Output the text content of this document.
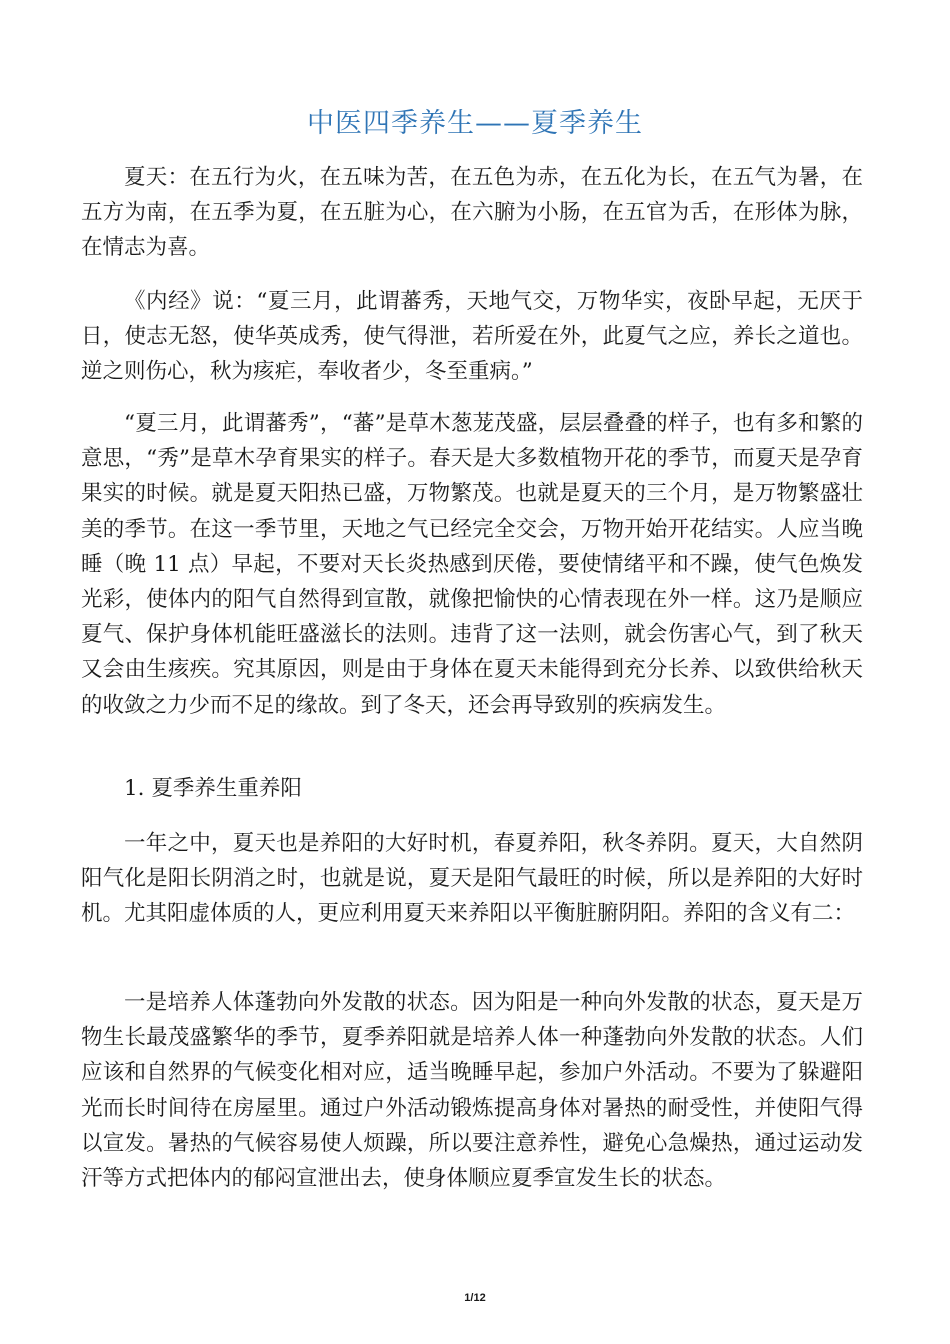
中医四季养生——夏季养生

夏天：在五行为火，在五味为苦，在五色为赤，在五化为长，在五气为暑，在五方为南，在五季为夏，在五脏为心，在六腑为小肠，在五官为舌，在形体为脉，在情志为喜。

《内经》说：“夏三月，此谓蕃秀，天地气交，万物华实，夜卧早起，无厌于日，使志无怒，使华英成秀，使气得泄，若所爱在外，此夏气之应，养长之道也。逆之则伤心，秋为痎疟，奉收者少，冬至重病。”

“夏三月，此谓蕃秀”，“蕃”是草木葱茏茂盛，层层叠叠的样子，也有多和繁的意思，“秀”是草木孕育果实的样子。春天是大多数植物开花的季节，而夏天是孕育果实的时候。就是夏天阳热已盛，万物繁茂。也就是夏天的三个月，是万物繁盛壮美的季节。在这一季节里，天地之气已经完全交会，万物开始开花结实。人应当晚睡（晚 11 点）早起，不要对天长炎热感到厌倦，要使情绪平和不躁，使气色焕发光彩，使体内的阳气自然得到宣散，就像把愉快的心情表现在外一样。这乃是顺应夏气、保护身体机能旺盛滋长的法则。违背了这一法则，就会伤害心气，到了秋天又会由生痎疾。究其原因，则是由于身体在夏天未能得到充分长养、以致供给秋天的收敛之力少而不足的缘故。到了冬天，还会再导致别的疾病发生。

1. 夏季养生重养阳

一年之中，夏天也是养阳的大好时机，春夏养阳，秋冬养阴。夏天，大自然阴阳气化是阳长阴消之时，也就是说，夏天是阳气最旺的时候，所以是养阳的大好时机。尤其阳虚体质的人，更应利用夏天来养阳以平衡脏腑阴阳。养阳的含义有二：

一是培养人体蓬勃向外发散的状态。因为阳是一种向外发散的状态，夏天是万物生长最茂盛繁华的季节，夏季养阳就是培养人体一种蓬勃向外发散的状态。人们应该和自然界的气候变化相对应，适当晚睡早起，参加户外活动。不要为了躲避阳光而长时间待在房屋里。通过户外活动锻炼提高身体对暑热的耐受性，并使阳气得以宣发。暑热的气候容易使人烦躁，所以要注意养性，避免心急燥热，通过运动发汗等方式把体内的郁闷宣泄出去，使身体顺应夏季宣发生长的状态。

1/12
